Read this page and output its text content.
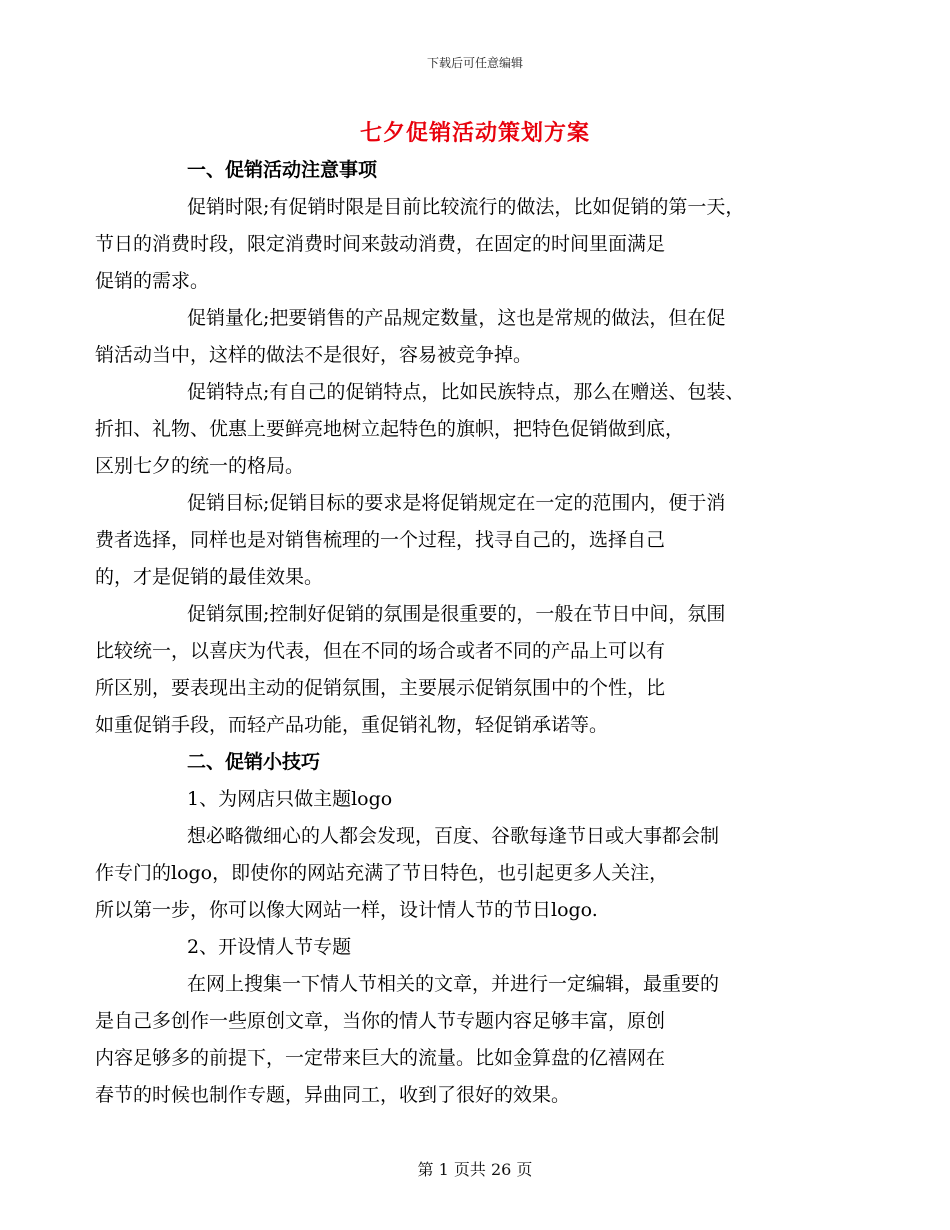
下载后可任意编辑
七夕促销活动策划方案

一、促销活动注意事项

促销时限;有促销时限是目前比较流行的做法，比如促销的第一天，
节日的消费时段，限定消费时间来鼓动消费，在固定的时间里面满足
促销的需求。

促销量化;把要销售的产品规定数量，这也是常规的做法，但在促
销活动当中，这样的做法不是很好，容易被竞争掉。

促销特点;有自己的促销特点，比如民族特点，那么在赠送、包装、
折扣、礼物、优惠上要鲜亮地树立起特色的旗帜，把特色促销做到底，
区别七夕的统一的格局。

促销目标;促销目标的要求是将促销规定在一定的范围内，便于消
费者选择，同样也是对销售梳理的一个过程，找寻自己的，选择自己
的，才是促销的最佳效果。

促销氛围;控制好促销的氛围是很重要的，一般在节日中间，氛围
比较统一，以喜庆为代表，但在不同的场合或者不同的产品上可以有
所区别，要表现出主动的促销氛围，主要展示促销氛围中的个性，比
如重促销手段，而轻产品功能，重促销礼物，轻促销承诺等。

二、促销小技巧

1、为网店只做主题logo

想必略微细心的人都会发现，百度、谷歌每逢节日或大事都会制
作专门的logo，即使你的网站充满了节日特色，也引起更多人关注，
所以第一步，你可以像大网站一样，设计情人节的节日logo.

2、开设情人节专题

在网上搜集一下情人节相关的文章，并进行一定编辑，最重要的
是自己多创作一些原创文章，当你的情人节专题内容足够丰富，原创
内容足够多的前提下，一定带来巨大的流量。比如金算盘的亿禧网在
春节的时候也制作专题，异曲同工，收到了很好的效果。

第 1 页共 26 页
